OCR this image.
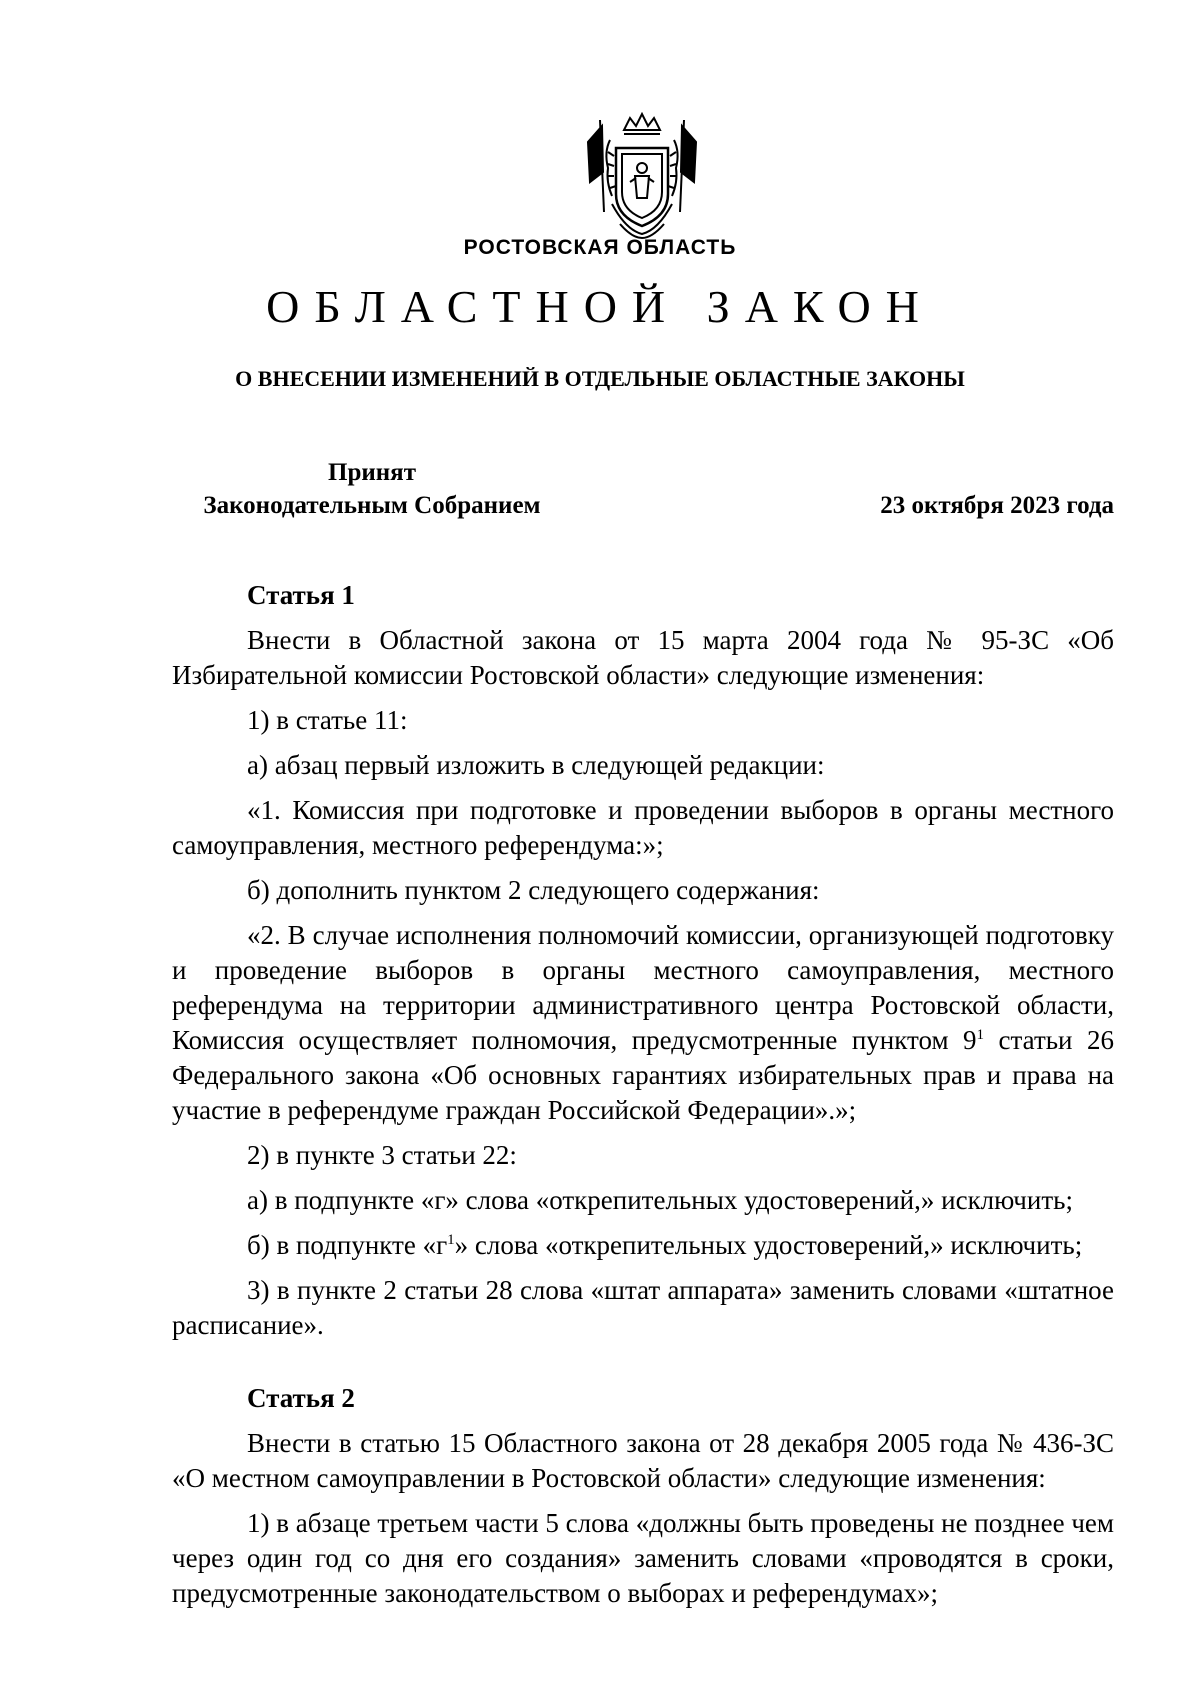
РОСТОВСКАЯ ОБЛАСТЬ
ОБЛАСТНОЙ ЗАКОН
О ВНЕСЕНИИ ИЗМЕНЕНИЙ В ОТДЕЛЬНЫЕ ОБЛАСТНЫЕ ЗАКОНЫ
Принят
Законодательным Собранием	23 октября 2023 года
Статья 1

Внести в Областной закона от 15 марта 2004 года № 95-ЗС «Об Избирательной комиссии Ростовской области» следующие изменения:

1) в статье 11:

а) абзац первый изложить в следующей редакции:

«1. Комиссия при подготовке и проведении выборов в органы местного самоуправления, местного референдума:»;

б) дополнить пунктом 2 следующего содержания:

«2. В случае исполнения полномочий комиссии, организующей подготовку и проведение выборов в органы местного самоуправления, местного референдума на территории административного центра Ростовской области, Комиссия осуществляет полномочия, предусмотренные пунктом $9^1$ статьи 26 Федерального закона «Об основных гарантиях избирательных прав и права на участие в референдуме граждан Российской Федерации».»;

2) в пункте 3 статьи 22:

а) в подпункте «г» слова «открепительных удостоверений,» исключить;

б) в подпункте «$г^1$» слова «открепительных удостоверений,» исключить;

3) в пункте 2 статьи 28 слова «штат аппарата» заменить словами «штатное расписание».

Статья 2

Внести в статью 15 Областного закона от 28 декабря 2005 года № 436-ЗС «О местном самоуправлении в Ростовской области» следующие изменения:

1) в абзаце третьем части 5 слова «должны быть проведены не позднее чем через один год со дня его создания» заменить словами «проводятся в сроки, предусмотренные законодательством о выборах и референдумах»;
